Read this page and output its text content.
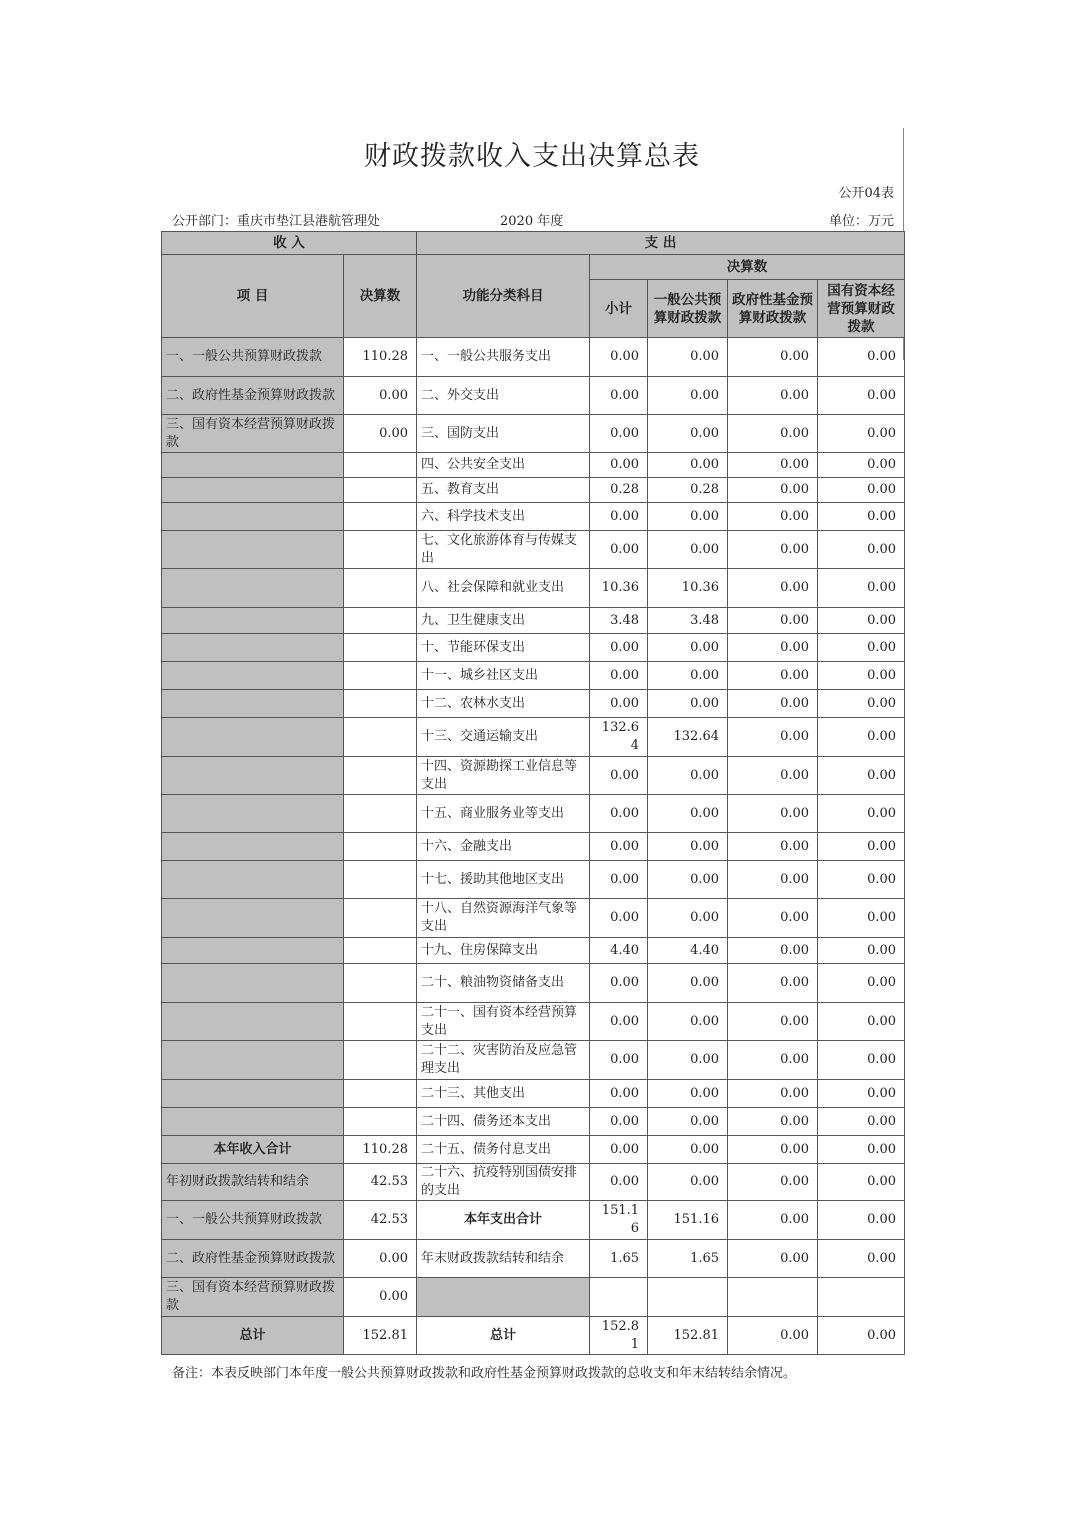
财政拨款收入支出决算总表
公开04表
公开部门：重庆市垫江县港航管理处	2020 年度	单位：万元
收 入		支 出				
项 目	决算数	功能分类科目	决算数			
			小计	一般公共预算财政拨款	政府性基金预算财政拨款	国有资本经营预算财政拨款
一、一般公共预算财政拨款	110.28	一、一般公共服务支出	0.00	0.00	0.00	0.00
二、政府性基金预算财政拨款	0.00	二、外交支出	0.00	0.00	0.00	0.00
三、国有资本经营预算财政拨款	0.00	三、国防支出	0.00	0.00	0.00	0.00
		四、公共安全支出	0.00	0.00	0.00	0.00
		五、教育支出	0.28	0.28	0.00	0.00
		六、科学技术支出	0.00	0.00	0.00	0.00
		七、文化旅游体育与传媒支出	0.00	0.00	0.00	0.00
		八、社会保障和就业支出	10.36	10.36	0.00	0.00
		九、卫生健康支出	3.48	3.48	0.00	0.00
		十、节能环保支出	0.00	0.00	0.00	0.00
		十一、城乡社区支出	0.00	0.00	0.00	0.00
		十二、农林水支出	0.00	0.00	0.00	0.00
		十三、交通运输支出	132.64	132.64	0.00	0.00
		十四、资源勘探工业信息等支出	0.00	0.00	0.00	0.00
		十五、商业服务业等支出	0.00	0.00	0.00	0.00
		十六、金融支出	0.00	0.00	0.00	0.00
		十七、援助其他地区支出	0.00	0.00	0.00	0.00
		十八、自然资源海洋气象等支出	0.00	0.00	0.00	0.00
		十九、住房保障支出	4.40	4.40	0.00	0.00
		二十、粮油物资储备支出	0.00	0.00	0.00	0.00
		二十一、国有资本经营预算支出	0.00	0.00	0.00	0.00
		二十二、灾害防治及应急管理支出	0.00	0.00	0.00	0.00
		二十三、其他支出	0.00	0.00	0.00	0.00
		二十四、债务还本支出	0.00	0.00	0.00	0.00
本年收入合计	110.28	二十五、债务付息支出	0.00	0.00	0.00	0.00
年初财政拨款结转和结余	42.53	二十六、抗疫特别国债安排的支出	0.00	0.00	0.00	0.00
一、一般公共预算财政拨款	42.53	本年支出合计	151.16	151.16	0.00	0.00
二、政府性基金预算财政拨款	0.00	年末财政拨款结转和结余	1.65	1.65	0.00	0.00
三、国有资本经营预算财政拨款	0.00					
总计	152.81	总计	152.81	152.81	0.00	0.00
备注：本表反映部门本年度一般公共预算财政拨款和政府性基金预算财政拨款的总收支和年末结转结余情况。
